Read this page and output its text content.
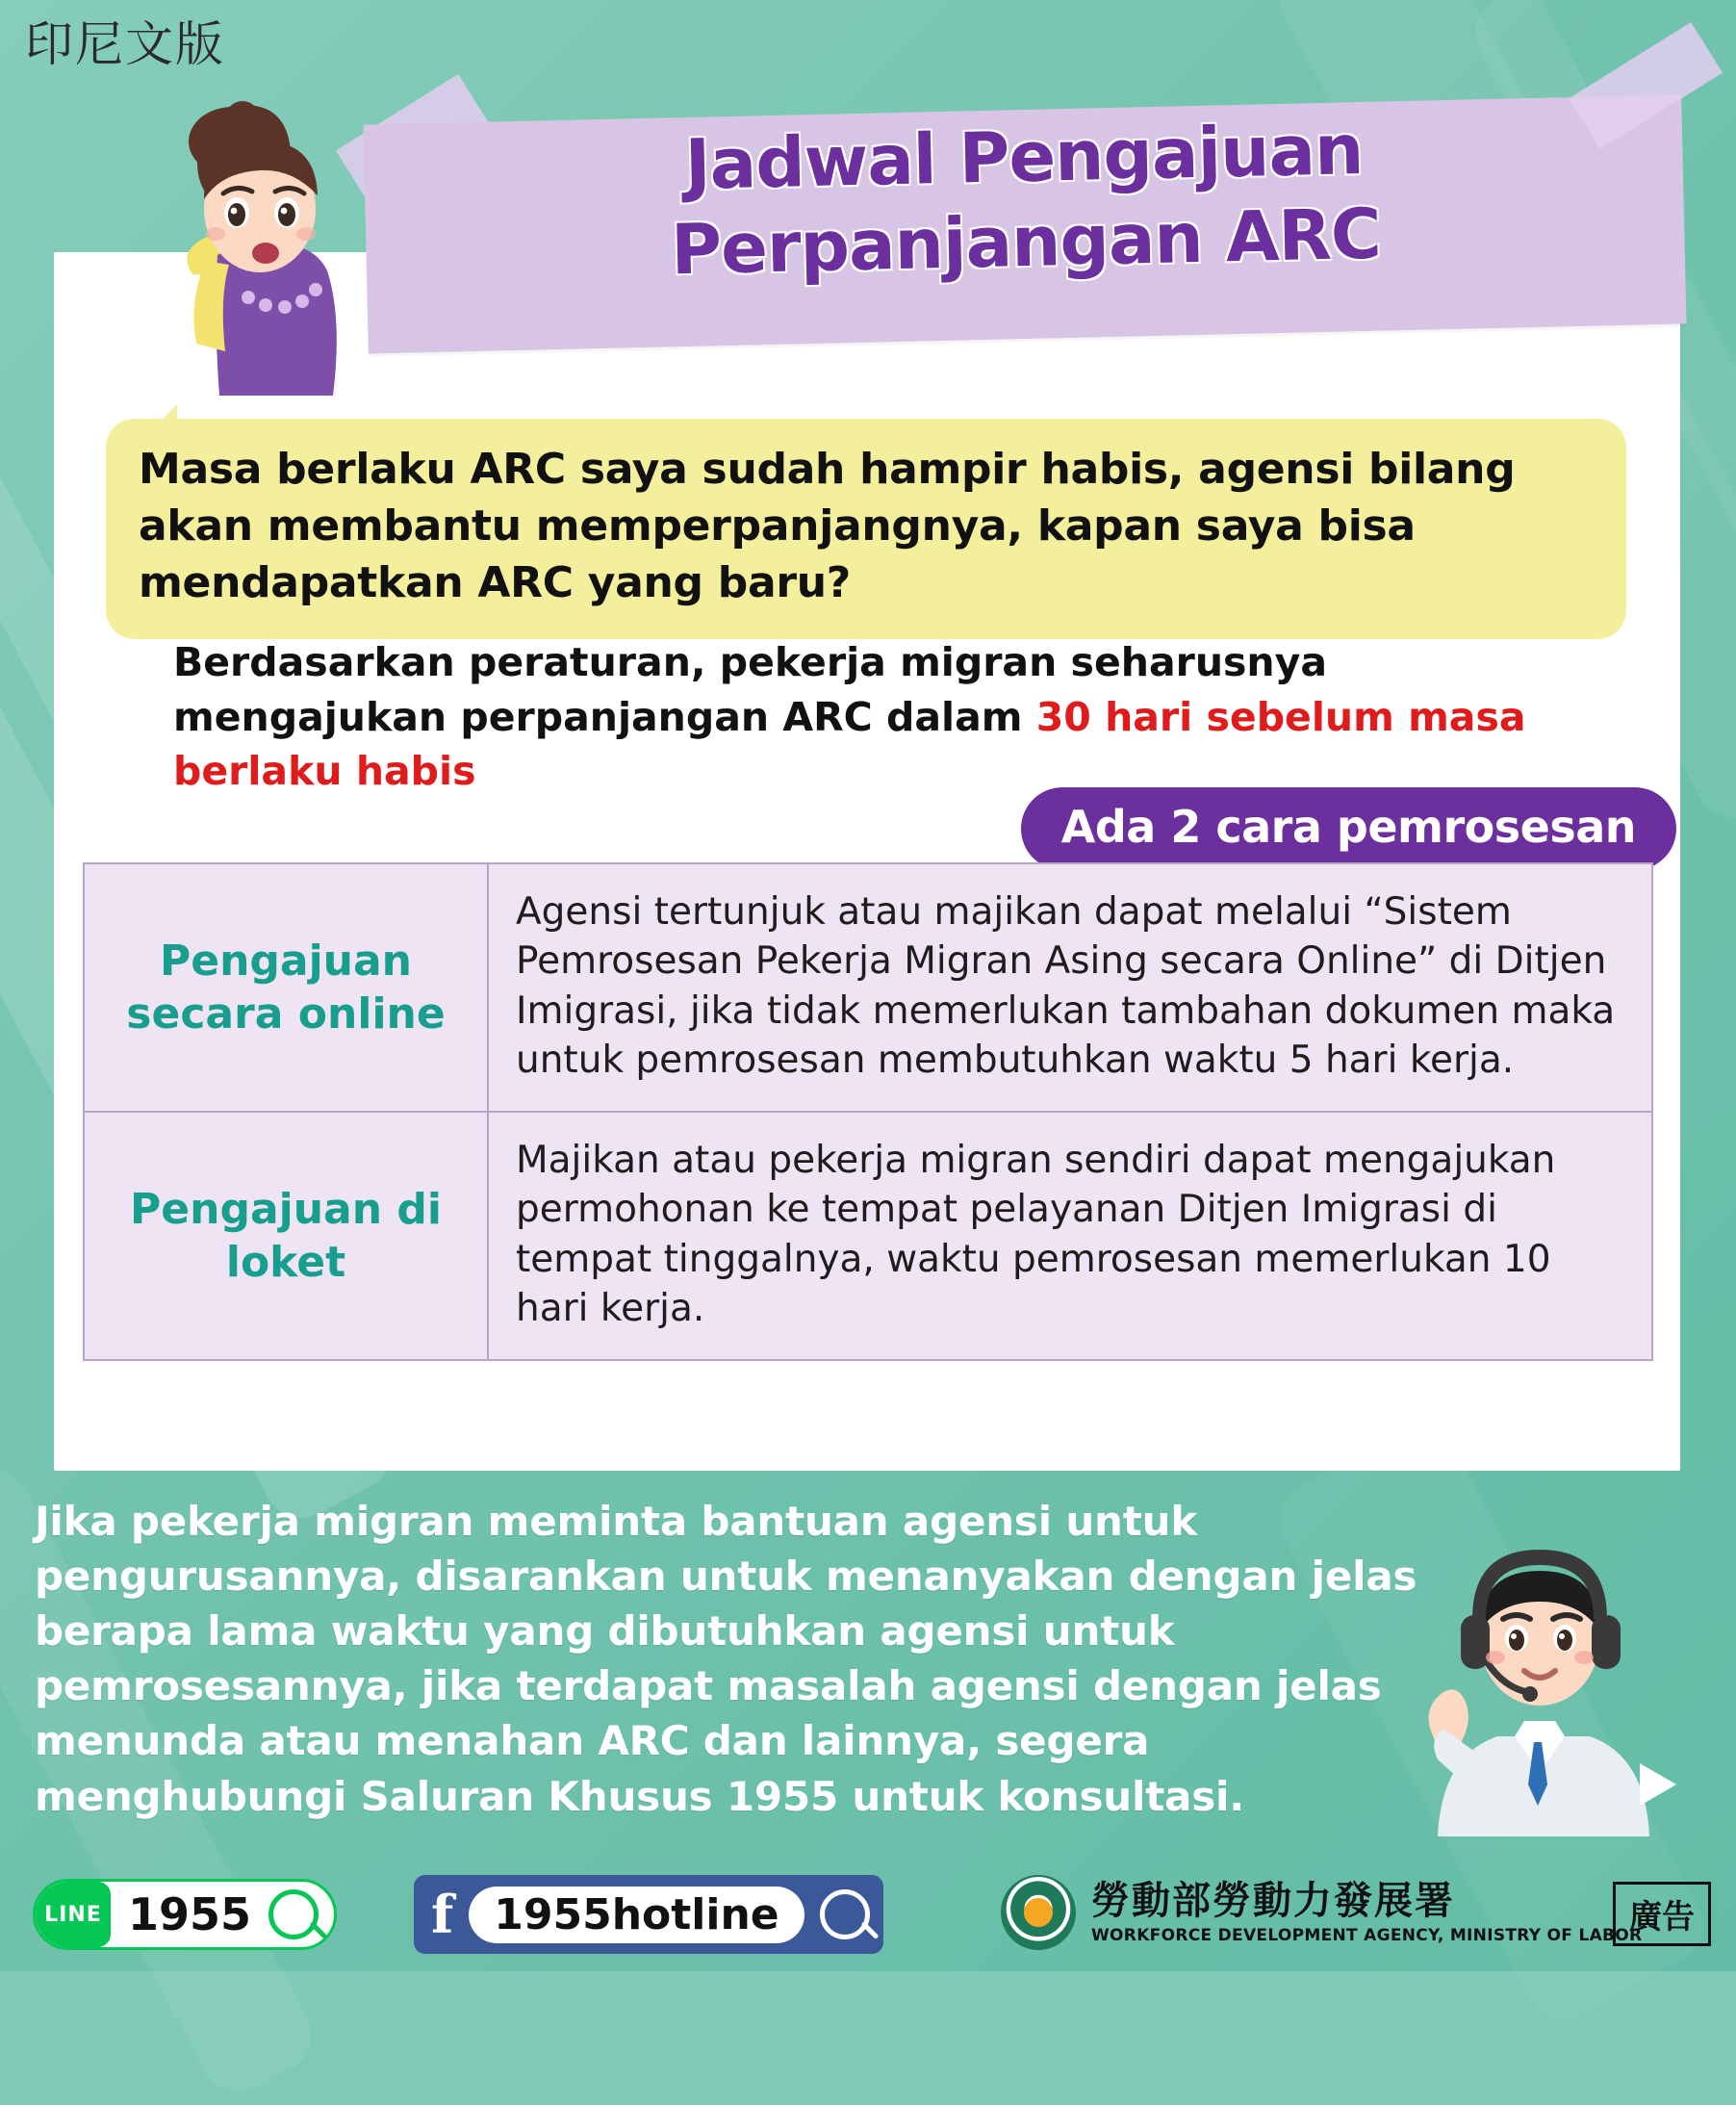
印尼文版
Jadwal Pengajuan
Perpanjangan ARC

Masa berlaku ARC saya sudah hampir habis, agensi bilang akan membantu memperpanjangnya, kapan saya bisa mendapatkan ARC yang baru?

Berdasarkan peraturan, pekerja migran seharusnya mengajukan perpanjangan ARC dalam 30 hari sebelum masa berlaku habis
Ada 2 cara pemrosesan
Pengajuan secara online
Agensi tertunjuk atau majikan dapat melalui “Sistem Pemrosesan Pekerja Migran Asing secara Online” di Ditjen Imigrasi, jika tidak memerlukan tambahan dokumen maka untuk pemrosesan membutuhkan waktu 5 hari kerja.
Pengajuan di loket
Majikan atau pekerja migran sendiri dapat mengajukan permohonan ke tempat pelayanan Ditjen Imigrasi di tempat tinggalnya, waktu pemrosesan memerlukan 10 hari kerja.
Jika pekerja migran meminta bantuan agensi untuk pengurusannya, disarankan untuk menanyakan dengan jelas berapa lama waktu yang dibutuhkan agensi untuk pemrosesannya, jika terdapat masalah agensi dengan jelas menunda atau menahan ARC dan lainnya, segera menghubungi Saluran Khusus 1955 untuk konsultasi.
LINE 1955	f 1955hotline	勞動部勞動力發展署
WORKFORCE DEVELOPMENT AGENCY, MINISTRY OF LABOR
廣告
